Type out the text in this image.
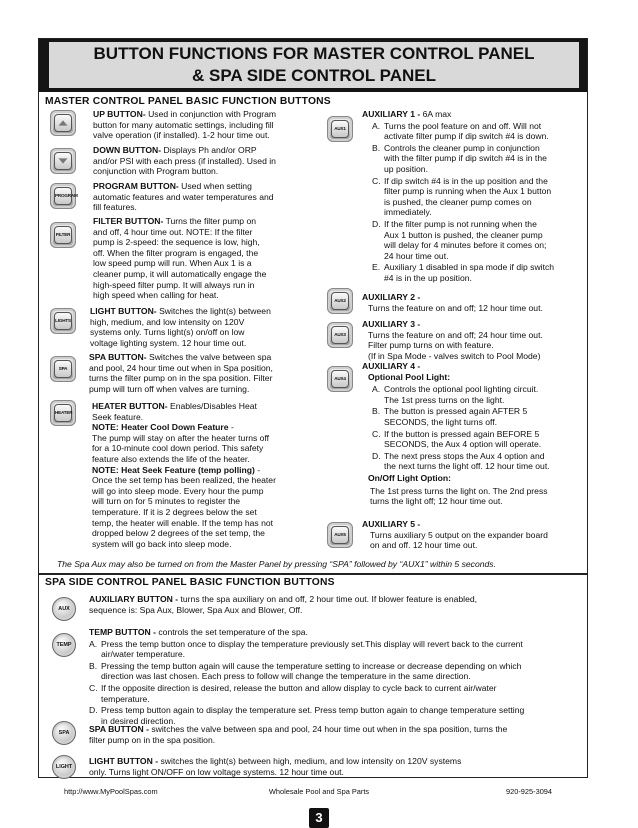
BUTTON FUNCTIONS FOR MASTER CONTROL PANEL
& SPA SIDE CONTROL PANEL
MASTER CONTROL PANEL BASIC FUNCTION BUTTONS
PROGRAM
FILTER
LIGHTS
SPA
HEATER
UP BUTTON- Used in conjunction with Program
button for many automatic settings, including fill
valve operation (if installed). 1-2 hour time out.
DOWN BUTTON- Displays Ph and/or ORP
and/or PSI with each press (if installed). Used in
conjunction with Program button.
PROGRAM BUTTON- Used when setting
automatic features and water temperatures and
fill features.
FILTER BUTTON- Turns the filter pump on
and off, 4 hour time out. NOTE: If the filter
pump is 2-speed: the sequence is low, high,
off. When the filter program is engaged, the
low speed pump will run. When Aux 1 is a
cleaner pump, it will automatically engage the
high-speed filter pump. It will always run in
high speed when calling for heat.
LIGHT BUTTON- Switches the light(s) between
high, medium, and low intensity on 120V
systems only. Turns light(s) on/off on low
voltage lighting system. 12 hour time out.
SPA BUTTON- Switches the valve between spa
and pool, 24 hour time out when in Spa position,
turns the filter pump on in the spa position. Filter
pump will turn off when valves are turning.
HEATER BUTTON- Enables/Disables Heat
Seek feature.
NOTE: Heater Cool Down Feature -
The pump will stay on after the heater turns off
for a 10-minute cool down period. This safety
feature also extends the life of the heater.
NOTE: Heat Seek Feature (temp polling) -
Once the set temp has been realized, the heater
will go into sleep mode. Every hour the pump
will turn on for 5 minutes to register the
temperature. If it is 2 degrees below the set
temp, the heater will enable. If the temp has not
dropped below 2 degrees of the set temp, the
system will go back into sleep mode.
AUX1
AUX2
AUX3
AUX4
AUX5
AUXILIARY 1 - 6A max
A. Turns the pool feature on and off. Will not
activate filter pump if dip switch #4 is down.
B. Controls the cleaner pump in conjunction
with the filter pump if dip switch #4 is in the
up position.
C. If dip switch #4 is in the up position and the
filter pump is running when the Aux 1 button
is pushed, the cleaner pump comes on
immediately.
D. If the filter pump is not running when the
Aux 1 button is pushed, the cleaner pump
will delay for 4 minutes before it comes on;
24 hour time out.
E. Auxiliary 1 disabled in spa mode if dip switch
#4 is in the up position.
AUXILIARY 2 -
Turns the feature on and off; 12 hour time out.
AUXILIARY 3 -
Turns the feature on and off; 24 hour time out.
Filter pump turns on with feature.
(If in Spa Mode - valves switch to Pool Mode)
AUXILIARY 4 -
Optional Pool Light:
A. Controls the optional pool lighting circuit.
The 1st press turns on the light.
B. The button is pressed again AFTER 5
SECONDS, the light turns off.
C. If the button is pressed again BEFORE 5
SECONDS, the Aux 4 option will operate.
D. The next press stops the Aux 4 option and
the next turns the light off. 12 hour time out.
On/Off Light Option:
The 1st press turns the light on. The 2nd press
turns the light off; 12 hour time out.
AUXILIARY 5 -
Turns auxiliary 5 output on the expander board
on and off. 12 hour time out.
The Spa Aux may also be turned on from the Master Panel by pressing “SPA” followed by “AUX1” within 5 seconds.
SPA SIDE CONTROL PANEL BASIC FUNCTION BUTTONS
AUX
TEMP
SPA
LIGHT
AUXILIARY BUTTON - turns the spa auxiliary on and off, 2 hour time out. If blower feature is enabled,
sequence is: Spa Aux, Blower, Spa Aux and Blower, Off.
TEMP BUTTON - controls the set temperature of the spa.
A. Press the temp button once to display the temperature previously set.This display will revert back to the current
air/water temperature.
B. Pressing the temp button again will cause the temperature setting to increase or decrease depending on which
direction was last chosen. Each press to follow will change the temperature in the same direction.
C. If the opposite direction is desired, release the button and allow display to cycle back to current air/water
temperature.
D. Press temp button again to display the temperature set. Press temp button again to change temperature setting
in desired direction.
SPA BUTTON - switches the valve between spa and pool, 24 hour time out when in the spa position, turns the
filter pump on in the spa position.
LIGHT BUTTON - switches the light(s) between high, medium, and low intensity on 120V systems
only. Turns light ON/OFF on low voltage systems. 12 hour time out.
http://www.MyPoolSpas.com	Wholesale Pool and Spa Parts	920-925-3094
3
